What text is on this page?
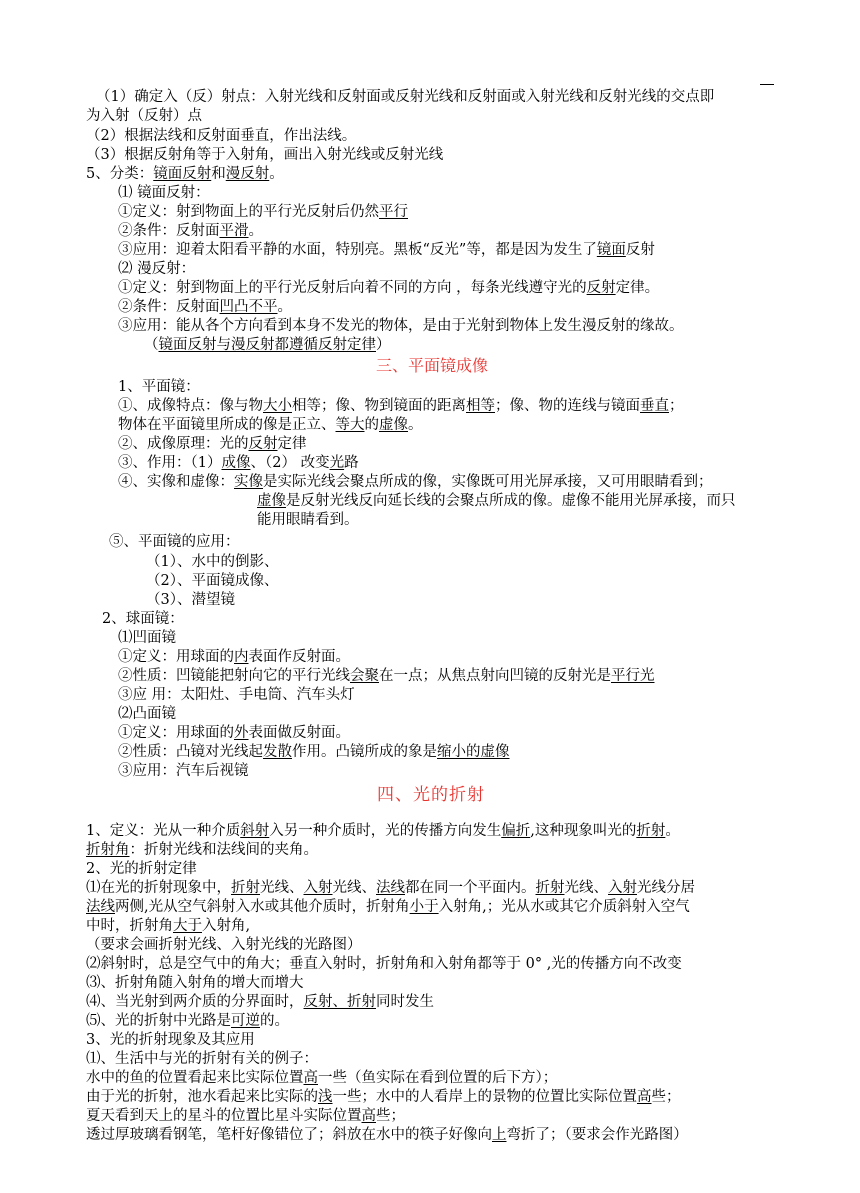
（1）确定入（反）射点：入射光线和反射面或反射光线和反射面或入射光线和反射光线的交点即
为入射（反射）点
（2）根据法线和反射面垂直，作出法线。
（3）根据反射角等于入射角，画出入射光线或反射光线
5、分类：镜面反射和漫反射。
⑴ 镜面反射：
①定义：射到物面上的平行光反射后仍然平行
②条件：反射面平滑。
③应用：迎着太阳看平静的水面，特别亮。黑板“反光”等，都是因为发生了镜面反射
⑵ 漫反射：
①定义：射到物面上的平行光反射后向着不同的方向 ，每条光线遵守光的反射定律。
②条件：反射面凹凸不平。
③应用：能从各个方向看到本身不发光的物体，是由于光射到物体上发生漫反射的缘故。
（镜面反射与漫反射都遵循反射定律）
三、平面镜成像
1、平面镜：
①、成像特点：像与物大小相等；像、物到镜面的距离相等；像、物的连线与镜面垂直；
物体在平面镜里所成的像是正立、等大的虚像。
②、成像原理：光的反射定律
③、作用：（1）成像、（2） 改变光路
④、实像和虚像：实像是实际光线会聚点所成的像，实像既可用光屏承接，又可用眼睛看到；
虚像是反射光线反向延长线的会聚点所成的像。虚像不能用光屏承接，而只
能用眼睛看到。
⑤、平面镜的应用：
（1）、水中的倒影、
（2）、平面镜成像、
（3）、潜望镜
2、球面镜：
⑴凹面镜
①定义：用球面的内表面作反射面。
②性质：凹镜能把射向它的平行光线会聚在一点；从焦点射向凹镜的反射光是平行光
③应 用：太阳灶、手电筒、汽车头灯
⑵凸面镜
①定义：用球面的外表面做反射面。
②性质：凸镜对光线起发散作用。凸镜所成的象是缩小的虚像
③应用：汽车后视镜
四、光的折射
1、定义：光从一种介质斜射入另一种介质时，光的传播方向发生偏折,这种现象叫光的折射。
折射角：折射光线和法线间的夹角。
2、光的折射定律
⑴在光的折射现象中，折射光线、入射光线、法线都在同一个平面内。折射光线、入射光线分居
法线两侧,光从空气斜射入水或其他介质时，折射角小于入射角,；光从水或其它介质斜射入空气
中时，折射角大于入射角,
（要求会画折射光线、入射光线的光路图）
⑵斜射时，总是空气中的角大；垂直入射时，折射角和入射角都等于 0° ,光的传播方向不改变
⑶、折射角随入射角的增大而增大
⑷、当光射到两介质的分界面时，反射、折射同时发生
⑸、光的折射中光路是可逆的。
3、光的折射现象及其应用
⑴、生活中与光的折射有关的例子：
水中的鱼的位置看起来比实际位置高一些（鱼实际在看到位置的后下方）；
由于光的折射，池水看起来比实际的浅一些；水中的人看岸上的景物的位置比实际位置高些；
夏天看到天上的星斗的位置比星斗实际位置高些；
透过厚玻璃看钢笔，笔杆好像错位了；斜放在水中的筷子好像向上弯折了；（要求会作光路图）
